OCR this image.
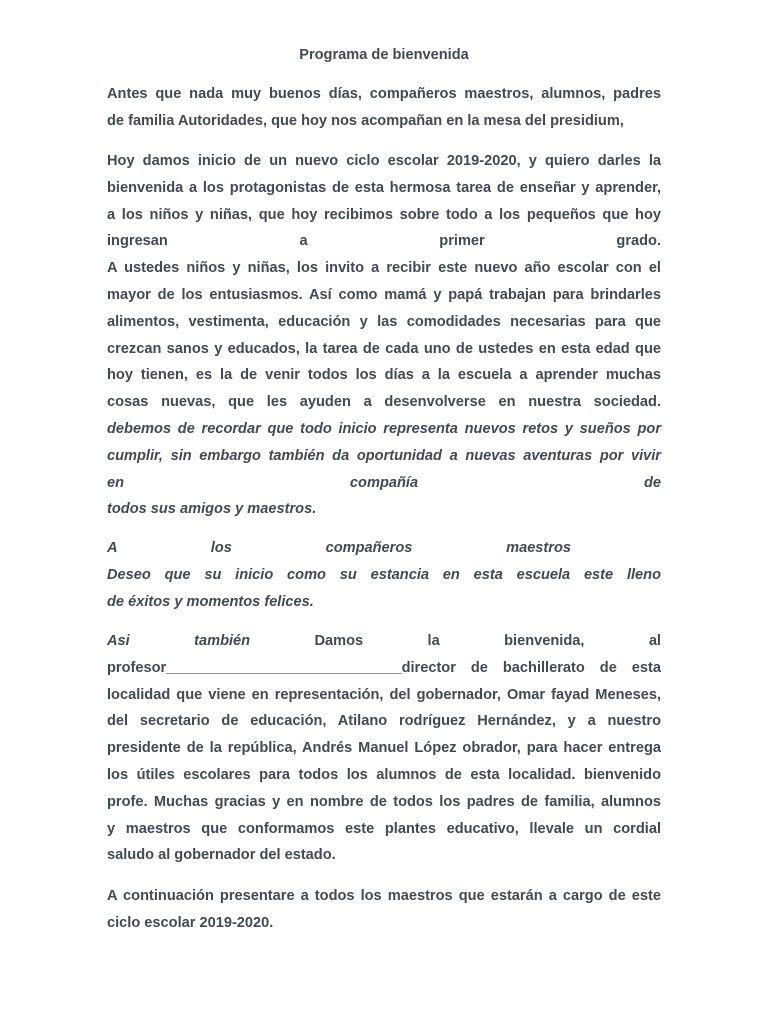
Programa de bienvenida
Antes que nada muy buenos días, compañeros maestros, alumnos, padres
de familia Autoridades, que hoy nos acompañan en la mesa del presidium,
Hoy damos inicio de un nuevo ciclo escolar 2019-2020, y quiero darles la
bienvenida a los protagonistas de esta hermosa tarea de enseñar y aprender,
a los niños y niñas, que hoy recibimos sobre todo a los pequeños que hoy
ingresan a primer grado.
A ustedes niños y niñas, los invito a recibir este nuevo año escolar con el
mayor de los entusiasmos. Así como mamá y papá trabajan para brindarles
alimentos, vestimenta, educación y las comodidades necesarias para que
crezcan sanos y educados, la tarea de cada uno de ustedes en esta edad que
hoy tienen, es la de venir todos los días a la escuela a aprender muchas
cosas nuevas, que les ayuden a desenvolverse en nuestra sociedad.
debemos de recordar que todo inicio representa nuevos retos y sueños por
cumplir, sin embargo también da oportunidad a nuevas aventuras por vivir
en compañía de
todos sus amigos y maestros.
A los compañeros maestros
Deseo que su inicio como su estancia en esta escuela este lleno
de éxitos y momentos felices.
Asi también	Damos la bienvenida, al
profesor_____________________________director de bachillerato de esta
localidad que viene en representación, del gobernador, Omar fayad Meneses,
del secretario de educación, Atilano rodríguez Hernández, y a nuestro
presidente de la república, Andrés Manuel López obrador, para hacer entrega
los útiles escolares para todos los alumnos de esta localidad. bienvenido
profe. Muchas gracias y en nombre de todos los padres de familia, alumnos
y maestros que conformamos este plantes educativo, llevale un cordial
saludo al gobernador del estado.
A continuación presentare a todos los maestros que estarán a cargo de este
ciclo escolar 2019-2020.
